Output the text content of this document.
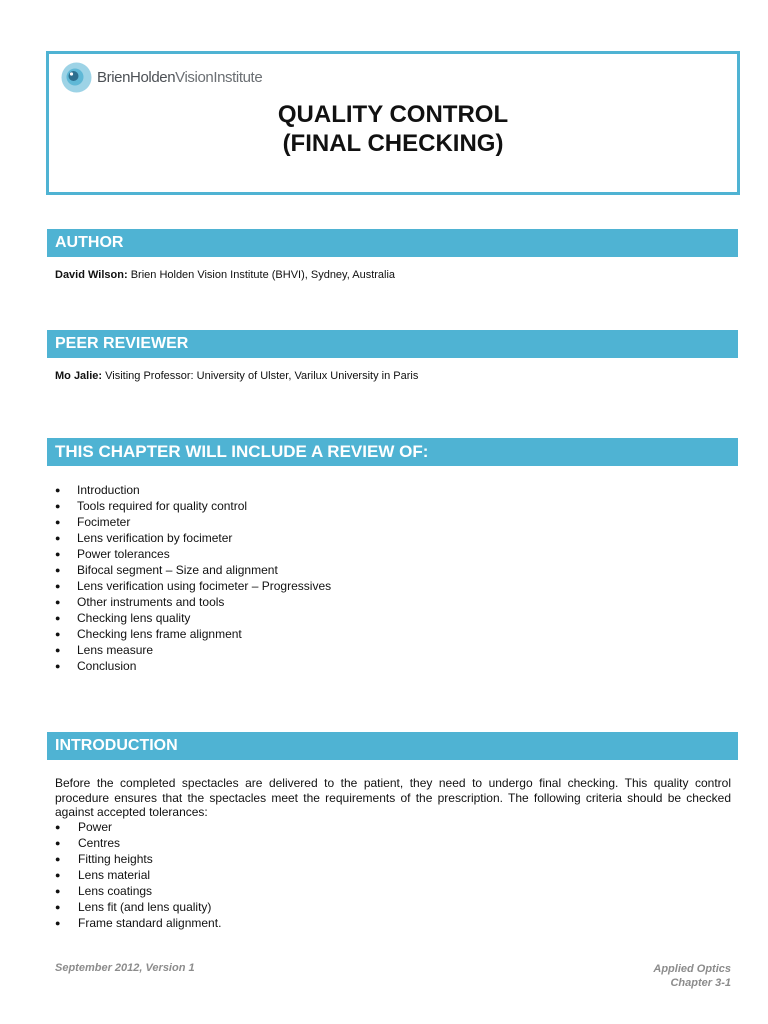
BrienHoldenVisionInstitute
QUALITY CONTROL
(FINAL CHECKING)
AUTHOR
David Wilson: Brien Holden Vision Institute (BHVI), Sydney, Australia
PEER REVIEWER
Mo Jalie: Visiting Professor: University of Ulster, Varilux University in Paris
THIS CHAPTER WILL INCLUDE A REVIEW OF:
● Introduction
● Tools required for quality control
● Focimeter
● Lens verification by focimeter
● Power tolerances
● Bifocal segment – Size and alignment
● Lens verification using focimeter – Progressives
● Other instruments and tools
● Checking lens quality
● Checking lens frame alignment
● Lens measure
● Conclusion
INTRODUCTION

Before the completed spectacles are delivered to the patient, they need to undergo final checking. This quality control procedure ensures that the spectacles meet the requirements of the prescription. The following criteria should be checked against accepted tolerances:

● Power
● Centres
● Fitting heights
● Lens material
● Lens coatings
● Lens fit (and lens quality)
● Frame standard alignment.
September 2012, Version 1	Applied Optics
Chapter 3-1
